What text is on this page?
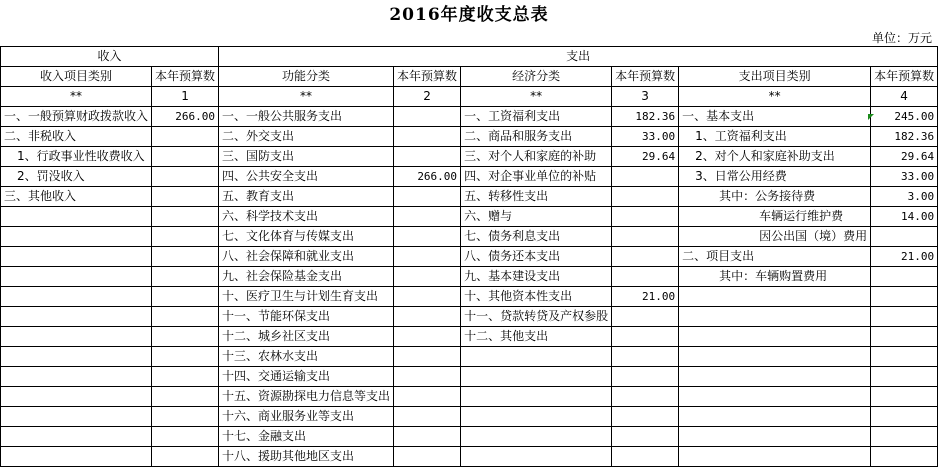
2016年度收支总表
单位：万元
收入		支出					
收入项目类别	本年预算数	功能分类	本年预算数	经济分类	本年预算数	支出项目类别	本年预算数
**	1	**	2	**	3	**	4
一、一般预算财政拨款收入	266.00	一、一般公共服务支出		一、工资福利支出	182.36	一、基本支出	245.00
二、非税收入		二、外交支出		二、商品和服务支出	33.00	1、工资福利支出	182.36
1、行政事业性收费收入		三、国防支出		三、对个人和家庭的补助	29.64	2、对个人和家庭补助支出	29.64
2、罚没收入		四、公共安全支出	266.00	四、对企事业单位的补贴		3、日常公用经费	33.00
三、其他收入		五、教育支出		五、转移性支出		其中：公务接待费	3.00
		六、科学技术支出		六、赠与		车辆运行维护费	14.00
		七、文化体育与传媒支出		七、债务利息支出		因公出国（境）费用	
		八、社会保障和就业支出		八、债务还本支出		二、项目支出	21.00
		九、社会保险基金支出		九、基本建设支出		其中：车辆购置费用	
		十、医疗卫生与计划生育支出		十、其他资本性支出	21.00		
		十一、节能环保支出		十一、贷款转贷及产权参股			
		十二、城乡社区支出		十二、其他支出			
		十三、农林水支出					
		十四、交通运输支出					
		十五、资源勘探电力信息等支出					
		十六、商业服务业等支出					
		十七、金融支出					
		十八、援助其他地区支出					
